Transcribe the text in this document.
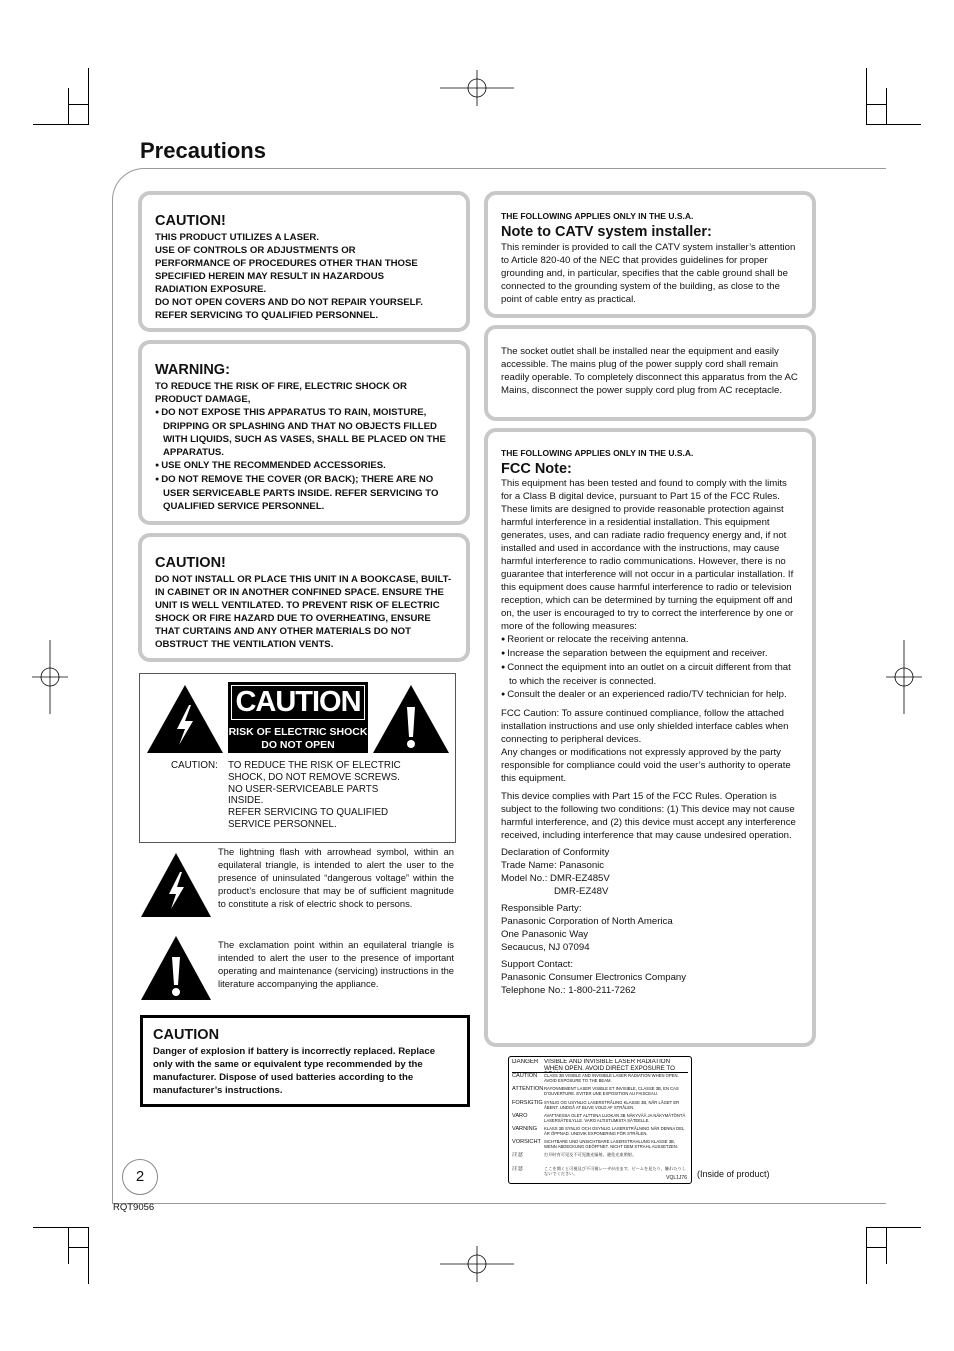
Precautions

CAUTION!

THIS PRODUCT UTILIZES A LASER.

USE OF CONTROLS OR ADJUSTMENTS OR

PERFORMANCE OF PROCEDURES OTHER THAN THOSE

SPECIFIED HEREIN MAY RESULT IN HAZARDOUS

RADIATION EXPOSURE.

DO NOT OPEN COVERS AND DO NOT REPAIR YOURSELF.

REFER SERVICING TO QUALIFIED PERSONNEL.

WARNING:

TO REDUCE THE RISK OF FIRE, ELECTRIC SHOCK OR PRODUCT DAMAGE,

● DO NOT EXPOSE THIS APPARATUS TO RAIN, MOISTURE, DRIPPING OR SPLASHING AND THAT NO OBJECTS FILLED WITH LIQUIDS, SUCH AS VASES, SHALL BE PLACED ON THE APPARATUS.

● USE ONLY THE RECOMMENDED ACCESSORIES.

● DO NOT REMOVE THE COVER (OR BACK); THERE ARE NO USER SERVICEABLE PARTS INSIDE. REFER SERVICING TO QUALIFIED SERVICE PERSONNEL.

CAUTION!

DO NOT INSTALL OR PLACE THIS UNIT IN A BOOKCASE, BUILT-IN CABINET OR IN ANOTHER CONFINED SPACE. ENSURE THE UNIT IS WELL VENTILATED. TO PREVENT RISK OF ELECTRIC SHOCK OR FIRE HAZARD DUE TO OVERHEATING, ENSURE THAT CURTAINS AND ANY OTHER MATERIALS DO NOT OBSTRUCT THE VENTILATION VENTS.

CAUTION
RISK OF ELECTRIC SHOCK
DO NOT OPEN
CAUTION:	TO REDUCE THE RISK OF ELECTRIC
SHOCK, DO NOT REMOVE SCREWS.
NO USER-SERVICEABLE PARTS
INSIDE.
REFER SERVICING TO QUALIFIED
SERVICE PERSONNEL.

The lightning flash with arrowhead symbol, within an equilateral triangle, is intended to alert the user to the presence of uninsulated “dangerous voltage” within the product’s enclosure that may be of sufficient magnitude to constitute a risk of electric shock to persons.

The exclamation point within an equilateral triangle is intended to alert the user to the presence of important operating and maintenance (servicing) instructions in the literature accompanying the appliance.

CAUTION

Danger of explosion if battery is incorrectly replaced. Replace only with the same or equivalent type recommended by the manufacturer. Dispose of used batteries according to the manufacturer’s instructions.

THE FOLLOWING APPLIES ONLY IN THE U.S.A.

Note to CATV system installer:

This reminder is provided to call the CATV system installer’s attention to Article 820-40 of the NEC that provides guidelines for proper grounding and, in particular, specifies that the cable ground shall be connected to the grounding system of the building, as close to the point of cable entry as practical.

The socket outlet shall be installed near the equipment and easily accessible. The mains plug of the power supply cord shall remain readily operable. To completely disconnect this apparatus from the AC Mains, disconnect the power supply cord plug from AC receptacle.

THE FOLLOWING APPLIES ONLY IN THE U.S.A.

FCC Note:

This equipment has been tested and found to comply with the limits for a Class B digital device, pursuant to Part 15 of the FCC Rules. These limits are designed to provide reasonable protection against harmful interference in a residential installation. This equipment generates, uses, and can radiate radio frequency energy and, if not installed and used in accordance with the instructions, may cause harmful interference to radio communications. However, there is no guarantee that interference will not occur in a particular installation. If this equipment does cause harmful interference to radio or television reception, which can be determined by turning the equipment off and on, the user is encouraged to try to correct the interference by one or more of the following measures:

● Reorient or relocate the receiving antenna.

● Increase the separation between the equipment and receiver.

● Connect the equipment into an outlet on a circuit different from that to which the receiver is connected.

● Consult the dealer or an experienced radio/TV technician for help.

FCC Caution: To assure continued compliance, follow the attached installation instructions and use only shielded interface cables when connecting to peripheral devices.

Any changes or modifications not expressly approved by the party responsible for compliance could void the user’s authority to operate this equipment.

This device complies with Part 15 of the FCC Rules. Operation is subject to the following two conditions: (1) This device may not cause harmful interference, and (2) this device must accept any interference received, including interference that may cause undesired operation.

Declaration of Conformity

Trade Name: Panasonic

Model No.: DMR-EZ485V

DMR-EZ48V

Responsible Party:

Panasonic Corporation of North America

One Panasonic Way

Secaucus, NJ 07094

Support Contact:

Panasonic Consumer Electronics Company

Telephone No.: 1-800-211-7262

DANGER VISIBLE AND INVISIBLE LASER RADIATION WHEN OPEN. AVOID DIRECT EXPOSURE TO
CAUTION	CLASS 3B VISIBLE AND INVISIBLE LASER RADIATION WHEN OPEN. AVOID EXPOSURE TO THE BEAM.
ATTENTION RAYONNEMENT LASER VISIBLE ET INVISIBLE, CLASSE 3B, EN CAS D'OUVERTURE. EVITER UNE EXPOSITION AU FAISCEAU.
FORSIGTIG SYNLIG OG USYNLIG LASERSTRÅLING KLASSE 3B, NÅR LÅGET ER ÅBENT. UNDGÅ AT BLIVE VOLD AF STRÅLEN.
VARO	AVATTAESSA OLET ALTTIINA LUOKAN 3B NÄKYVÄÄ JA NÄKYMÄTÖNTÄ LASERSÄTEILYLLE. VARO ALTISTUMISTA SÄTEELLE.
VARNING	KLASS 3B SYNLIG OCH OSYNLIG LASERSTRÅLNING NÄR DENNA DEL ÄR ÖPPNAD. UNDVIK EXPONERING FÖR STRÅLEN.
VORSICHT SICHTBARE UND UNSICHTBARE LASERSTRAHLUNG KLASSE 3B, WENN ABDECKUNG GEÖFFNET. NICHT DEM STRAHL AUSSETZEN.
注意	打开时有可见及不可见激光辐射。避免光束照射。
注意	ここを開くと可視及び不可視レーザが出ます。ビームを見たり、触れたりしないでください。
VQL1J76 (Inside of product)
2
RQT9056
